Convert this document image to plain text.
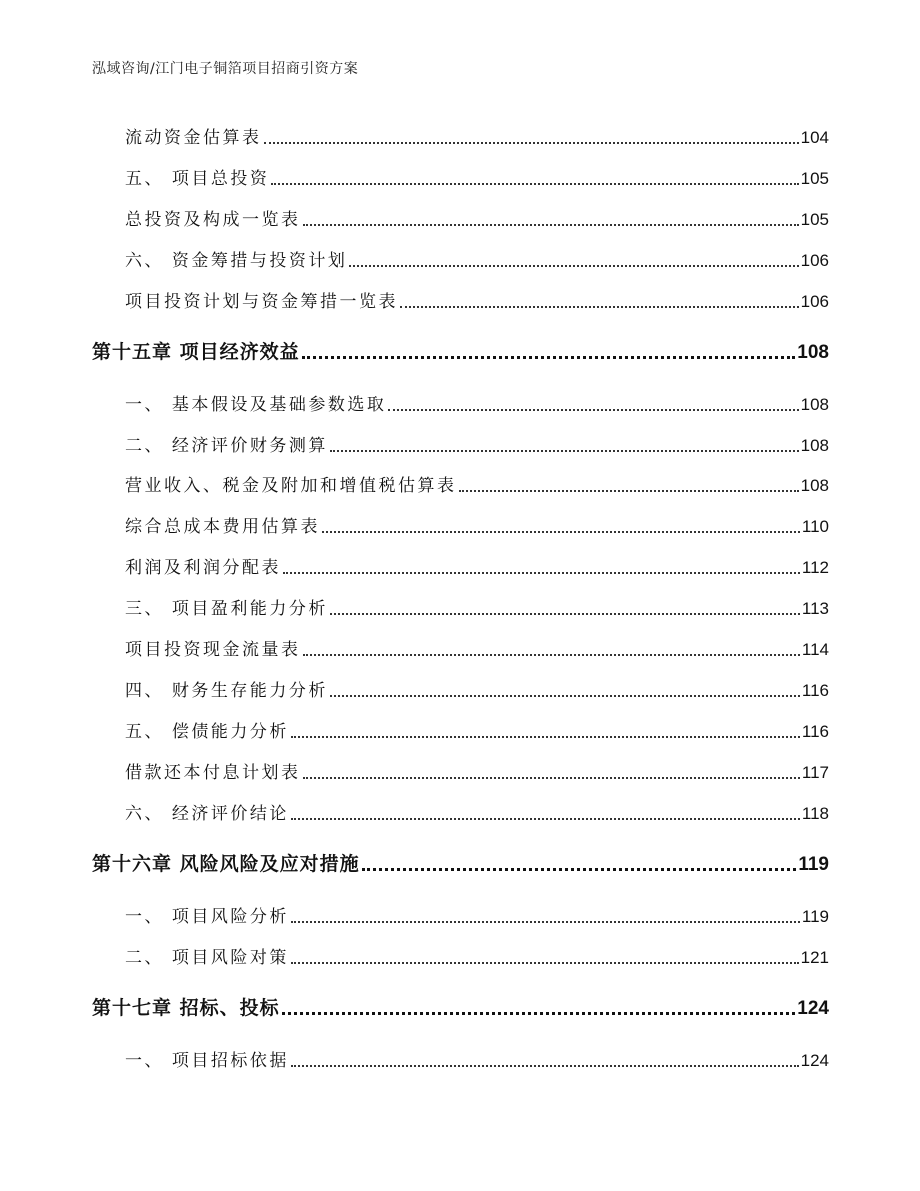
泓域咨询/江门电子铜箔项目招商引资方案
流动资金估算表	104
五、 项目总投资	105
总投资及构成一览表	105
六、 资金筹措与投资计划	106
项目投资计划与资金筹措一览表	106
第十五章 项目经济效益	108
一、 基本假设及基础参数选取	108
二、 经济评价财务测算	108
营业收入、税金及附加和增值税估算表	108
综合总成本费用估算表	110
利润及利润分配表	112
三、 项目盈利能力分析	113
项目投资现金流量表	114
四、 财务生存能力分析	116
五、 偿债能力分析	116
借款还本付息计划表	117
六、 经济评价结论	118
第十六章 风险风险及应对措施	119
一、 项目风险分析	119
二、 项目风险对策	121
第十七章 招标、投标	124
一、 项目招标依据	124
